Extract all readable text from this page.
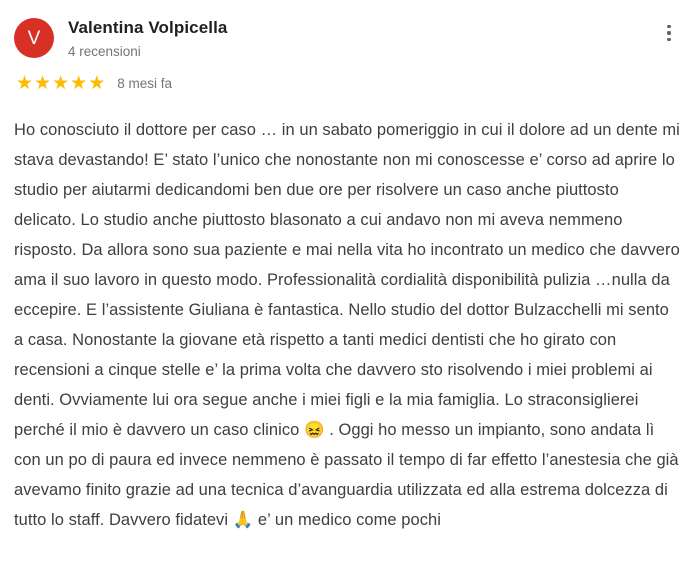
V	Valentina Volpicella
4 recensioni
★ ★ ★ ★ ★ 8 mesi fa
Ho conosciuto il dottore per caso … in un sabato pomeriggio in cui il dolore ad un dente mi stava devastando! E’ stato l’unico che nonostante non mi conoscesse e’ corso ad aprire lo studio per aiutarmi dedicandomi ben due ore per risolvere un caso anche piuttosto delicato. Lo studio anche piuttosto blasonato a cui andavo non mi aveva nemmeno risposto. Da allora sono sua paziente e mai nella vita ho incontrato un medico che davvero ama il suo lavoro in questo modo. Professionalità cordialità disponibilità pulizia …nulla da eccepire. E l’assistente Giuliana è fantastica. Nello studio del dottor Bulzacchelli mi sento a casa. Nonostante la giovane età rispetto a tanti medici dentisti che ho girato con recensioni a cinque stelle e’ la prima volta che davvero sto risolvendo i miei problemi ai denti. Ovviamente lui ora segue anche i miei figli e la mia famiglia. Lo straconsiglierei perché il mio è davvero un caso clinico 😖 . Oggi ho messo un impianto, sono andata lì con un po di paura ed invece nemmeno è passato il tempo di far effetto l’anestesia che già avevamo finito grazie ad una tecnica d’avanguardia utilizzata ed alla estrema dolcezza di tutto lo staff. Davvero fidatevi 🙏 e’ un medico come pochi
